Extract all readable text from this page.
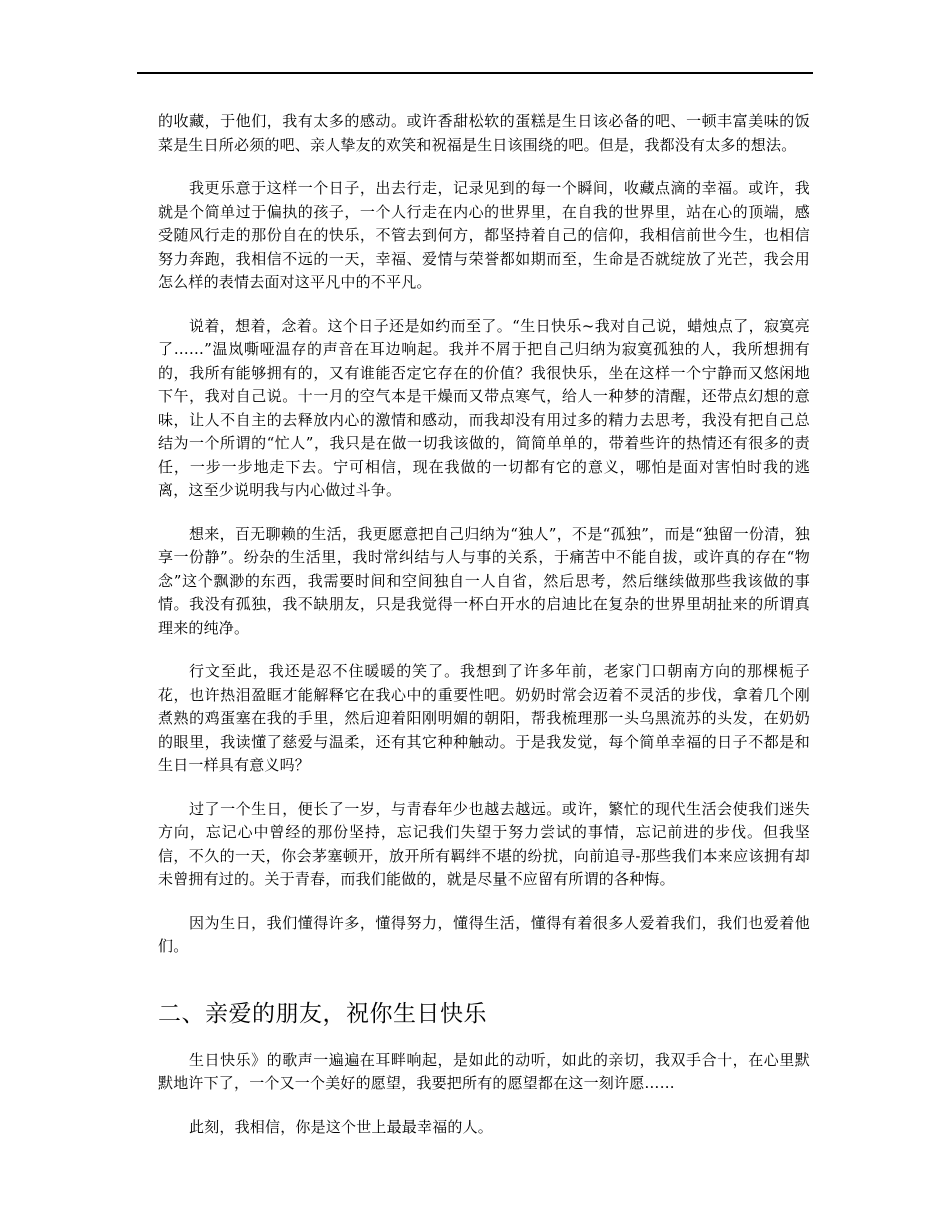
的收藏，于他们，我有太多的感动。或许香甜松软的蛋糕是生日该必备的吧、一顿丰富美味的饭菜是生日所必须的吧、亲人挚友的欢笑和祝福是生日该围绕的吧。但是，我都没有太多的想法。

我更乐意于这样一个日子，出去行走，记录见到的每一个瞬间，收藏点滴的幸福。或许，我就是个简单过于偏执的孩子，一个人行走在内心的世界里，在自我的世界里，站在心的顶端，感受随风行走的那份自在的快乐，不管去到何方，都坚持着自己的信仰，我相信前世今生，也相信努力奔跑，我相信不远的一天，幸福、爱情与荣誉都如期而至，生命是否就绽放了光芒，我会用怎么样的表情去面对这平凡中的不平凡。

说着，想着，念着。这个日子还是如约而至了。“生日快乐~我对自己说，蜡烛点了，寂寞亮了……”温岚嘶哑温存的声音在耳边响起。我并不屑于把自己归纳为寂寞孤独的人，我所想拥有的，我所有能够拥有的，又有谁能否定它存在的价值？我很快乐，坐在这样一个宁静而又悠闲地下午，我对自己说。十一月的空气本是干燥而又带点寒气，给人一种梦的清醒，还带点幻想的意味，让人不自主的去释放内心的激情和感动，而我却没有用过多的精力去思考，我没有把自己总结为一个所谓的“忙人”，我只是在做一切我该做的，简简单单的，带着些许的热情还有很多的责任，一步一步地走下去。宁可相信，现在我做的一切都有它的意义，哪怕是面对害怕时我的逃离，这至少说明我与内心做过斗争。

想来，百无聊赖的生活，我更愿意把自己归纳为“独人”，不是“孤独”，而是“独留一份清，独享一份静”。纷杂的生活里，我时常纠结与人与事的关系，于痛苦中不能自拔，或许真的存在“物念”这个飘渺的东西，我需要时间和空间独自一人自省，然后思考，然后继续做那些我该做的事情。我没有孤独，我不缺朋友，只是我觉得一杯白开水的启迪比在复杂的世界里胡扯来的所谓真理来的纯净。

行文至此，我还是忍不住暖暖的笑了。我想到了许多年前，老家门口朝南方向的那棵栀子花，也许热泪盈眶才能解释它在我心中的重要性吧。奶奶时常会迈着不灵活的步伐，拿着几个刚煮熟的鸡蛋塞在我的手里，然后迎着阳刚明媚的朝阳，帮我梳理那一头乌黑流苏的头发，在奶奶的眼里，我读懂了慈爱与温柔，还有其它种种触动。于是我发觉，每个简单幸福的日子不都是和生日一样具有意义吗？

过了一个生日，便长了一岁，与青春年少也越去越远。或许，繁忙的现代生活会使我们迷失方向，忘记心中曾经的那份坚持，忘记我们失望于努力尝试的事情，忘记前进的步伐。但我坚信，不久的一天，你会茅塞顿开，放开所有羁绊不堪的纷扰，向前追寻-那些我们本来应该拥有却未曾拥有过的。关于青春，而我们能做的，就是尽量不应留有所谓的各种悔。

因为生日，我们懂得许多，懂得努力，懂得生活，懂得有着很多人爱着我们，我们也爱着他们。

二、亲爱的朋友，祝你生日快乐

生日快乐》的歌声一遍遍在耳畔响起，是如此的动听，如此的亲切，我双手合十，在心里默默地许下了，一个又一个美好的愿望，我要把所有的愿望都在这一刻许愿……

此刻，我相信，你是这个世上最最幸福的人。
